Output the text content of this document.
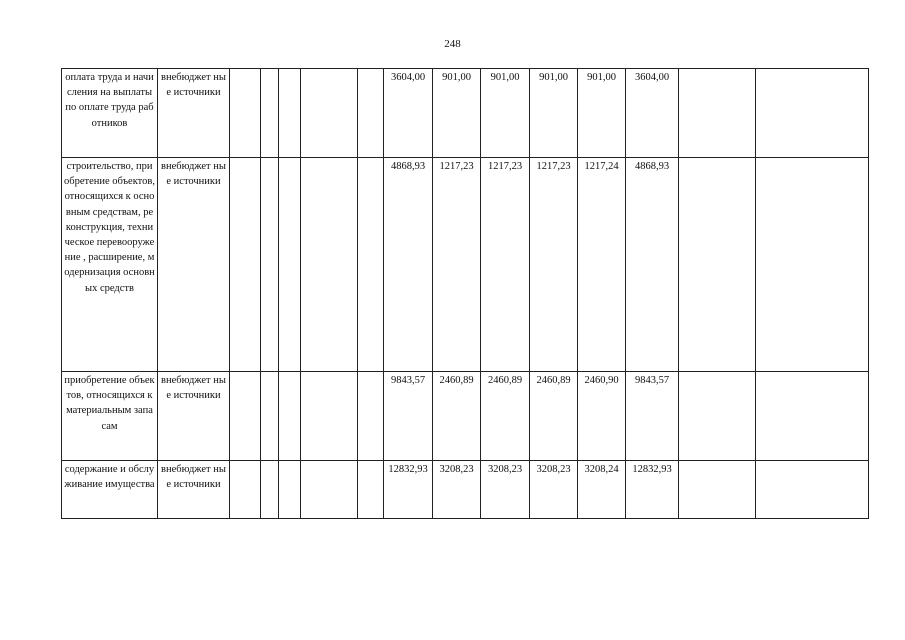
248
оплата труда и начисления на выплаты по оплате труда работников	внебюджет ные источники						3604,00	901,00	901,00	901,00	901,00	3604,00		
строительство, приобретение объектов, относящихся к основным средствам, реконструкция, техническое перевооружение , расширение, модернизация основных средств	внебюджет ные источники						4868,93	1217,23	1217,23	1217,23	1217,24	4868,93		
приобретение объектов, относящихся к материальным запасам	внебюджет ные источники						9843,57	2460,89	2460,89	2460,89	2460,90	9843,57		
содержание и обслуживание имущества	внебюджет ные источники						12832,93	3208,23	3208,23	3208,23	3208,24	12832,93		
